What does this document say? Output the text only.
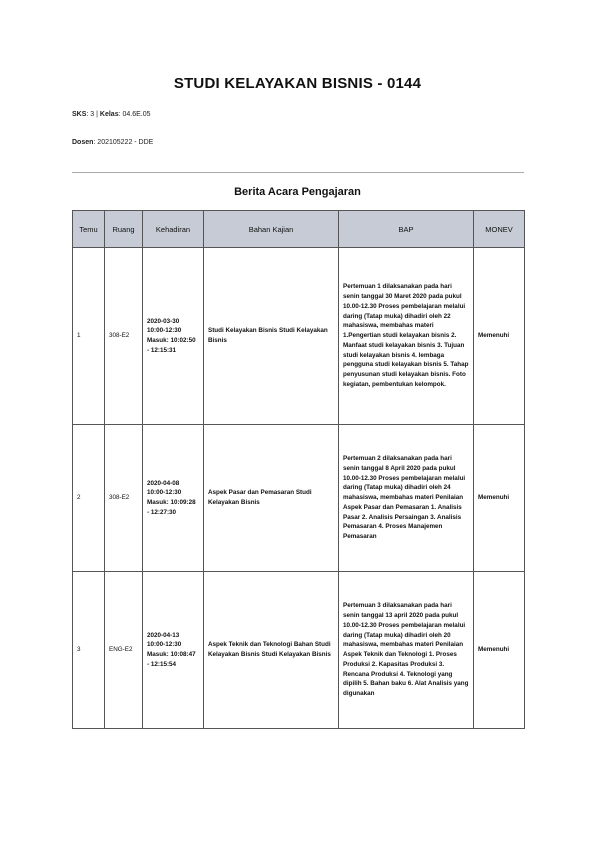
STUDI KELAYAKAN BISNIS - 0144
SKS: 3 | Kelas: 04.6E.05
Dosen: 202105222 - DDE
Berita Acara Pengajaran
Temu	Ruang	Kehadiran	Bahan Kajian	BAP	MONEV
1	308-E2	2020-03-30 10:00-12:30 Masuk: 10:02:50 - 12:15:31	Studi Kelayakan Bisnis Studi Kelayakan Bisnis	Pertemuan 1 dilaksanakan pada hari senin tanggal 30 Maret 2020 pada pukul 10.00-12.30 Proses pembelajaran melalui daring (Tatap muka) dihadiri oleh 22 mahasiswa, membahas materi 1.Pengertian studi kelayakan bisnis 2. Manfaat studi kelayakan bisnis 3. Tujuan studi kelayakan bisnis 4. lembaga pengguna studi kelayakan bisnis 5. Tahap penyusunan studi kelayakan bisnis. Foto kegiatan, pembentukan kelompok.	Memenuhi
2	308-E2	2020-04-08 10:00-12:30 Masuk: 10:09:28 - 12:27:30	Aspek Pasar dan Pemasaran Studi Kelayakan Bisnis	Pertemuan 2 dilaksanakan pada hari senin tanggal 8 April 2020 pada pukul 10.00-12.30 Proses pembelajaran melalui daring (Tatap muka) dihadiri oleh 24 mahasiswa, membahas materi Penilaian Aspek Pasar dan Pemasaran 1. Analisis Pasar 2. Analisis Persaingan 3. Analisis Pemasaran 4. Proses Manajemen Pemasaran	Memenuhi
3	ENG-E2	2020-04-13 10:00-12:30 Masuk: 10:08:47 - 12:15:54	Aspek Teknik dan Teknologi Bahan Studi Kelayakan Bisnis Studi Kelayakan Bisnis	Pertemuan 3 dilaksanakan pada hari senin tanggal 13 april 2020 pada pukul 10.00-12.30 Proses pembelajaran melalui daring (Tatap muka) dihadiri oleh 20 mahasiswa, membahas materi Penilaian Aspek Teknik dan Teknologi 1. Proses Produksi 2. Kapasitas Produksi 3. Rencana Produksi 4. Teknologi yang dipilih 5. Bahan baku 6. Alat Analisis yang digunakan	Memenuhi
